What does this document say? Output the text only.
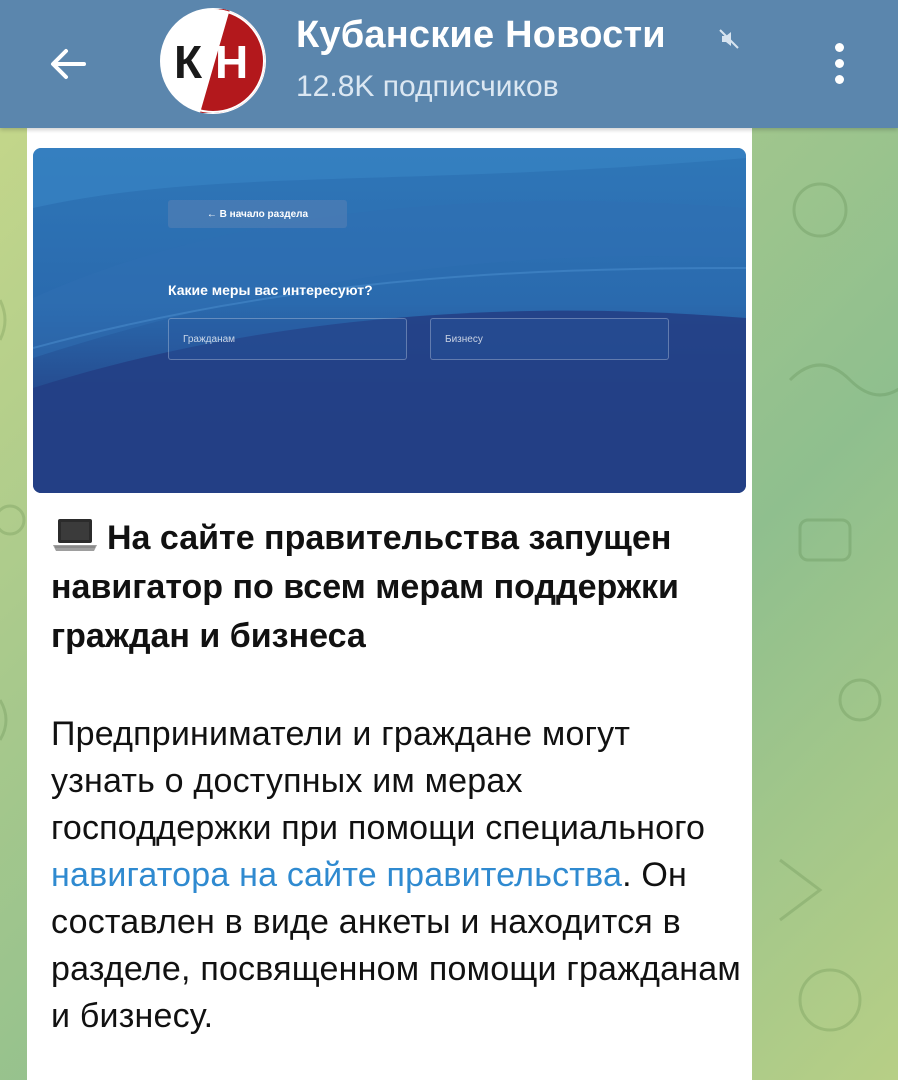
К Н
Кубанские Новости
12.8K подписчиков
← В начало раздела
Какие меры вас интересуют?
Гражданам	Бизнесу

На сайте правительства запущен навигатор по всем мерам поддержки граждан и бизнеса

Предприниматели и граждане могут узнать о доступных им мерах господдержки при помощи специального навигатора на сайте правительства. Он составлен в виде анкеты и находится в разделе, посвященном помощи гражданам и бизнесу.
